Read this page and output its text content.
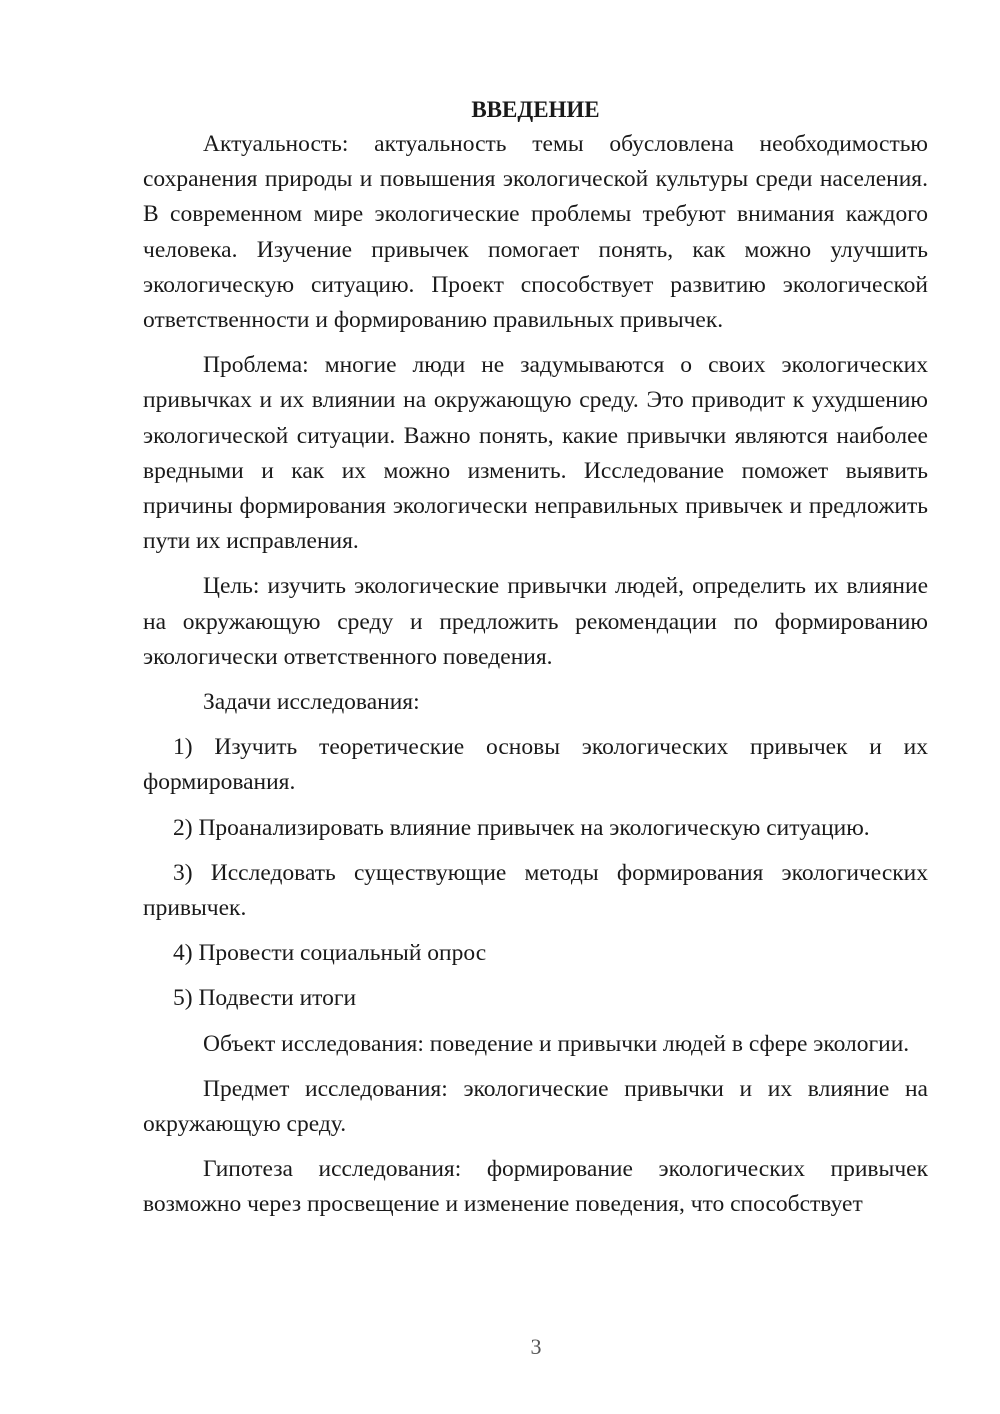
ВВЕДЕНИЕ

Актуальность: актуальность темы обусловлена необходимостью сохранения природы и повышения экологической культуры среди населения. В современном мире экологические проблемы требуют внимания каждого человека. Изучение привычек помогает понять, как можно улучшить экологическую ситуацию. Проект способствует развитию экологической ответственности и формированию правильных привычек.

Проблема: многие люди не задумываются о своих экологических привычках и их влиянии на окружающую среду. Это приводит к ухудшению экологической ситуации. Важно понять, какие привычки являются наиболее вредными и как их можно изменить. Исследование поможет выявить причины формирования экологически неправильных привычек и предложить пути их исправления.

Цель: изучить экологические привычки людей, определить их влияние на окружающую среду и предложить рекомендации по формированию экологически ответственного поведения.

Задачи исследования:

1) Изучить теоретические основы экологических привычек и их формирования.

2) Проанализировать влияние привычек на экологическую ситуацию.

3) Исследовать существующие методы формирования экологических привычек.

4) Провести социальный опрос

5) Подвести итоги

Объект исследования: поведение и привычки людей в сфере экологии.

Предмет исследования: экологические привычки и их влияние на окружающую среду.

Гипотеза исследования: формирование экологических привычек возможно через просвещение и изменение поведения, что способствует

3
